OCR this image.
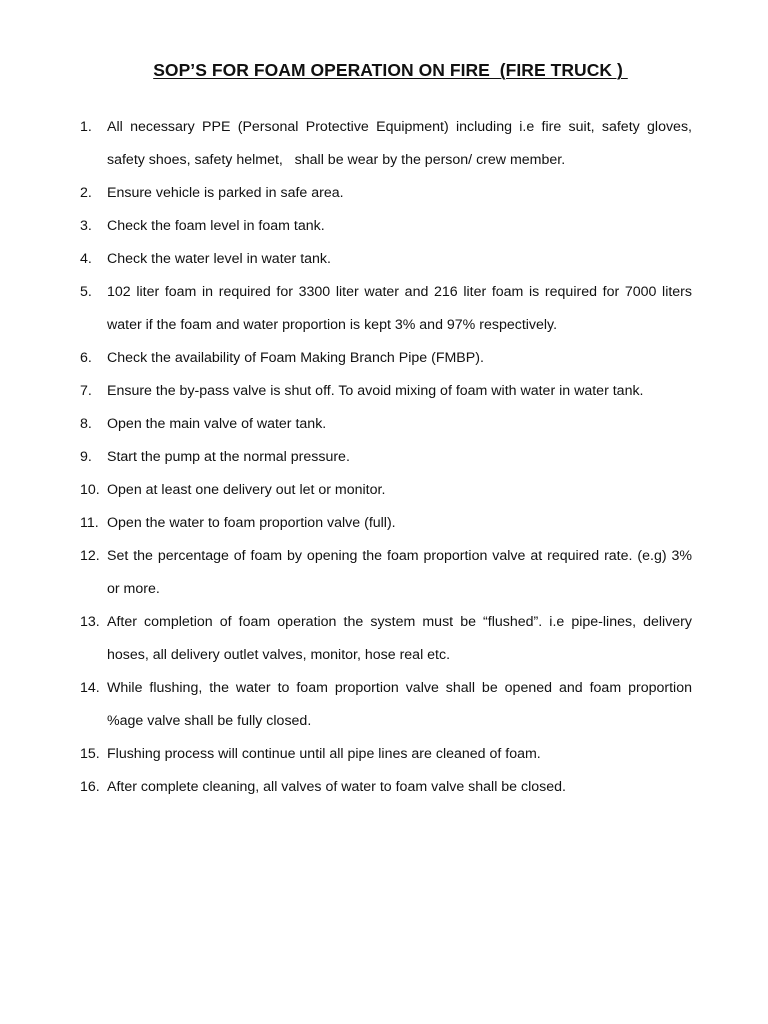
SOP’S FOR FOAM OPERATION ON FIRE  (FIRE TRUCK )
1.	All necessary PPE (Personal Protective Equipment) including i.e fire suit, safety gloves, safety shoes, safety helmet,   shall be wear by the person/ crew member.
2.	Ensure vehicle is parked in safe area.
3.	Check the foam level in foam tank.
4.	Check the water level in water tank.
5.	102 liter foam in required for 3300 liter water and 216 liter foam is required for 7000 liters water if the foam and water proportion is kept 3% and 97% respectively.
6.	Check the availability of Foam Making Branch Pipe (FMBP).
7.	Ensure the by-pass valve is shut off. To avoid mixing of foam with water in water tank.
8.	Open the main valve of water tank.
9.	Start the pump at the normal pressure.
10. Open at least one delivery out let or monitor.
11. Open the water to foam proportion valve (full).
12. Set the percentage of foam by opening the foam proportion valve at required rate. (e.g) 3% or more.
13. After completion of foam operation the system must be “flushed”. i.e pipe-lines, delivery hoses, all delivery outlet valves, monitor, hose real etc.
14. While flushing, the water to foam proportion valve shall be opened and foam proportion %age valve shall be fully closed.
15. Flushing process will continue until all pipe lines are cleaned of foam.
16. After complete cleaning, all valves of water to foam valve shall be closed.
